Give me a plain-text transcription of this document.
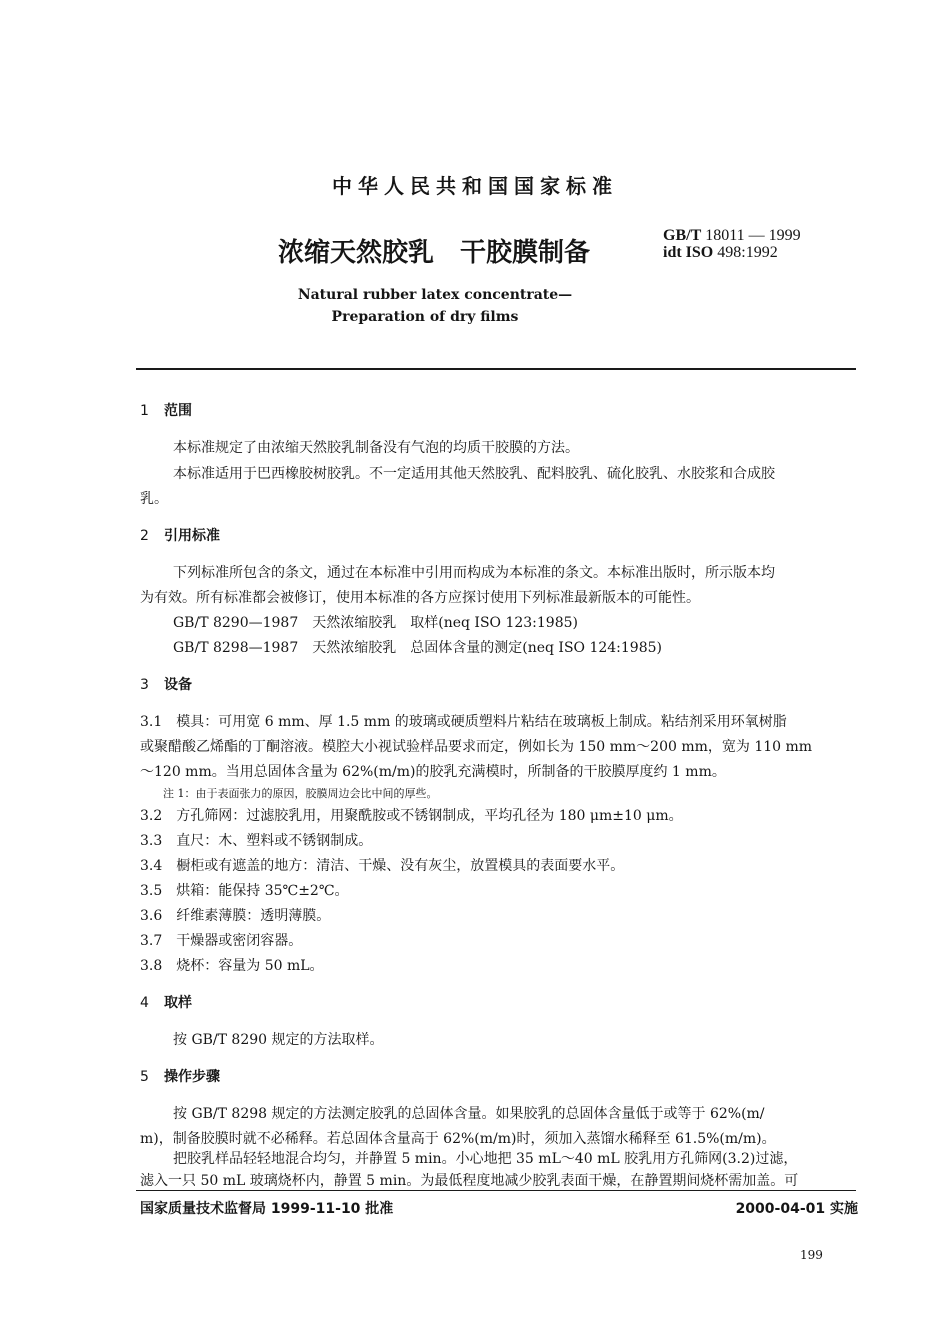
中华人民共和国国家标准
浓缩天然胶乳　干胶膜制备
GB/T 18011 — 1999
idt ISO 498:1992
Natural rubber latex concentrate—
Preparation of dry films
1 范围
本标准规定了由浓缩天然胶乳制备没有气泡的均质干胶膜的方法。
本标准适用于巴西橡胶树胶乳。不一定适用其他天然胶乳、配料胶乳、硫化胶乳、水胶浆和合成胶
乳。
2 引用标准
下列标准所包含的条文，通过在本标准中引用而构成为本标准的条文。本标准出版时，所示版本均
为有效。所有标准都会被修订，使用本标准的各方应探讨使用下列标准最新版本的可能性。
GB/T 8290—1987　天然浓缩胶乳　取样(neq ISO 123:1985)
GB/T 8298—1987　天然浓缩胶乳　总固体含量的测定(neq ISO 124:1985)
3 设备
3.1　模具：可用宽 6 mm、厚 1.5 mm 的玻璃或硬质塑料片粘结在玻璃板上制成。粘结剂采用环氧树脂
或聚醋酸乙烯酯的丁酮溶液。模腔大小视试验样品要求而定，例如长为 150 mm～200 mm，宽为 110 mm
～120 mm。当用总固体含量为 62%(m/m)的胶乳充满模时，所制备的干胶膜厚度约 1 mm。
注 1：由于表面张力的原因，胶膜周边会比中间的厚些。
3.2　方孔筛网：过滤胶乳用，用聚酰胺或不锈钢制成，平均孔径为 180 μm±10 μm。
3.3　直尺：木、塑料或不锈钢制成。
3.4　橱柜或有遮盖的地方：清洁、干燥、没有灰尘，放置模具的表面要水平。
3.5　烘箱：能保持 35℃±2℃。
3.6　纤维素薄膜：透明薄膜。
3.7　干燥器或密闭容器。
3.8　烧杯：容量为 50 mL。
4 取样
按 GB/T 8290 规定的方法取样。
5 操作步骤
按 GB/T 8298 规定的方法测定胶乳的总固体含量。如果胶乳的总固体含量低于或等于 62%(m/
m)，制备胶膜时就不必稀释。若总固体含量高于 62%(m/m)时，须加入蒸馏水稀释至 61.5%(m/m)。
把胶乳样品轻轻地混合均匀，并静置 5 min。小心地把 35 mL～40 mL 胶乳用方孔筛网(3.2)过滤，
滤入一只 50 mL 玻璃烧杯内，静置 5 min。为最低程度地减少胶乳表面干燥，在静置期间烧杯需加盖。可
国家质量技术监督局 1999-11-10 批准	2000-04-01 实施
199
